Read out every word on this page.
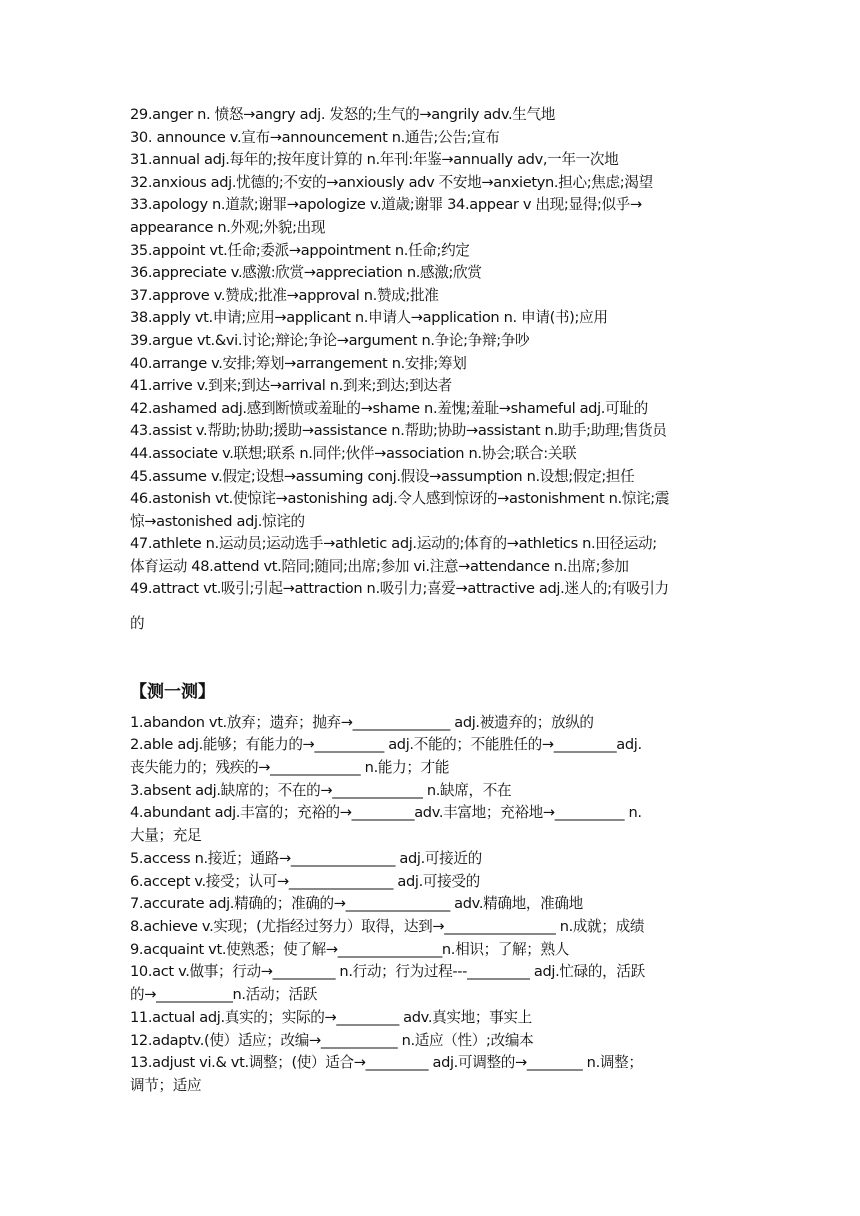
29.anger n. 愤怒→angry adj. 发怒的;生气的→angrily adv.生气地
30. announce v.宣布→announcement n.通告;公告;宣布
31.annual adj.每年的;按年度计算的 n.年刊:年鉴→annually adv,一年一次地
32.anxious adj.忧德的;不安的→anxiously adv 不安地→anxietyn.担心;焦虑;渴望
33.apology n.道款;谢罪→apologize v.道歳;谢罪 34.appear v 出现;显得;似乎→
appearance n.外观;外貌;出现
35.appoint vt.任命;委派→appointment n.任命;约定
36.appreciate v.感激:欣赏→appreciation n.感激;欣赏
37.approve v.赞成;批准→approval n.赞成;批准
38.apply vt.申请;应用→applicant n.申请人→application n. 申请(书);应用
39.argue vt.&vi.讨论;辩论;争论→argument n.争论;争辩;争吵
40.arrange v.安排;筹划→arrangement n.安排;筹划
41.arrive v.到来;到达→arrival n.到来;到达;到达者
42.ashamed adj.感到断愤或羞耻的→shame n.羞愧;羞耻→shameful adj.可耻的
43.assist v.帮助;协助;援助→assistance n.帮助;协助→assistant n.助手;助理;售货员
44.associate v.联想;联系 n.同伴;伙伴→association n.协会;联合:关联
45.assume v.假定;设想→assuming conj.假设→assumption n.设想;假定;担任
46.astonish vt.使惊诧→astonishing adj.令人感到惊讶的→astonishment n.惊诧;震
惊→astonished adj.惊诧的
47.athlete n.运动员;运动选手→athletic adj.运动的;体育的→athletics n.田径运动;
体育运动 48.attend vt.陪同;随同;出席;参加 vi.注意→attendance n.出席;参加
49.attract vt.吸引;引起→attraction n.吸引力;喜爱→attractive adj.迷人的;有吸引力
的
【测一测】
1.abandon vt.放弃；遗弃；抛弃→______________ adj.被遗弃的；放纵的
2.able adj.能够；有能力的→__________ adj.不能的；不能胜任的→_________adj.
丧失能力的；残疾的→_____________ n.能力；才能
3.absent adj.缺席的；不在的→_____________ n.缺席，不在
4.abundant adj.丰富的；充裕的→_________adv.丰富地；充裕地→__________ n.
大量；充足
5.access n.接近；通路→_______________ adj.可接近的
6.accept v.接受；认可→_______________ adj.可接受的
7.accurate adj.精确的；准确的→_______________ adv.精确地，准确地
8.achieve v.实现；(尤指经过努力）取得，达到→________________ n.成就；成绩
9.acquaint vt.使熟悉；使了解→_______________n.相识；了解；熟人
10.act v.做事；行动→_________ n.行动；行为过程---_________ adj.忙碌的，活跃
的→___________n.活动；活跃
11.actual adj.真实的；实际的→_________ adv.真实地；事实上
12.adaptv.(使）适应；改编→___________ n.适应（性）;改编本
13.adjust vi.& vt.调整；(使）适合→_________ adj.可调整的→________ n.调整；
调节；适应
